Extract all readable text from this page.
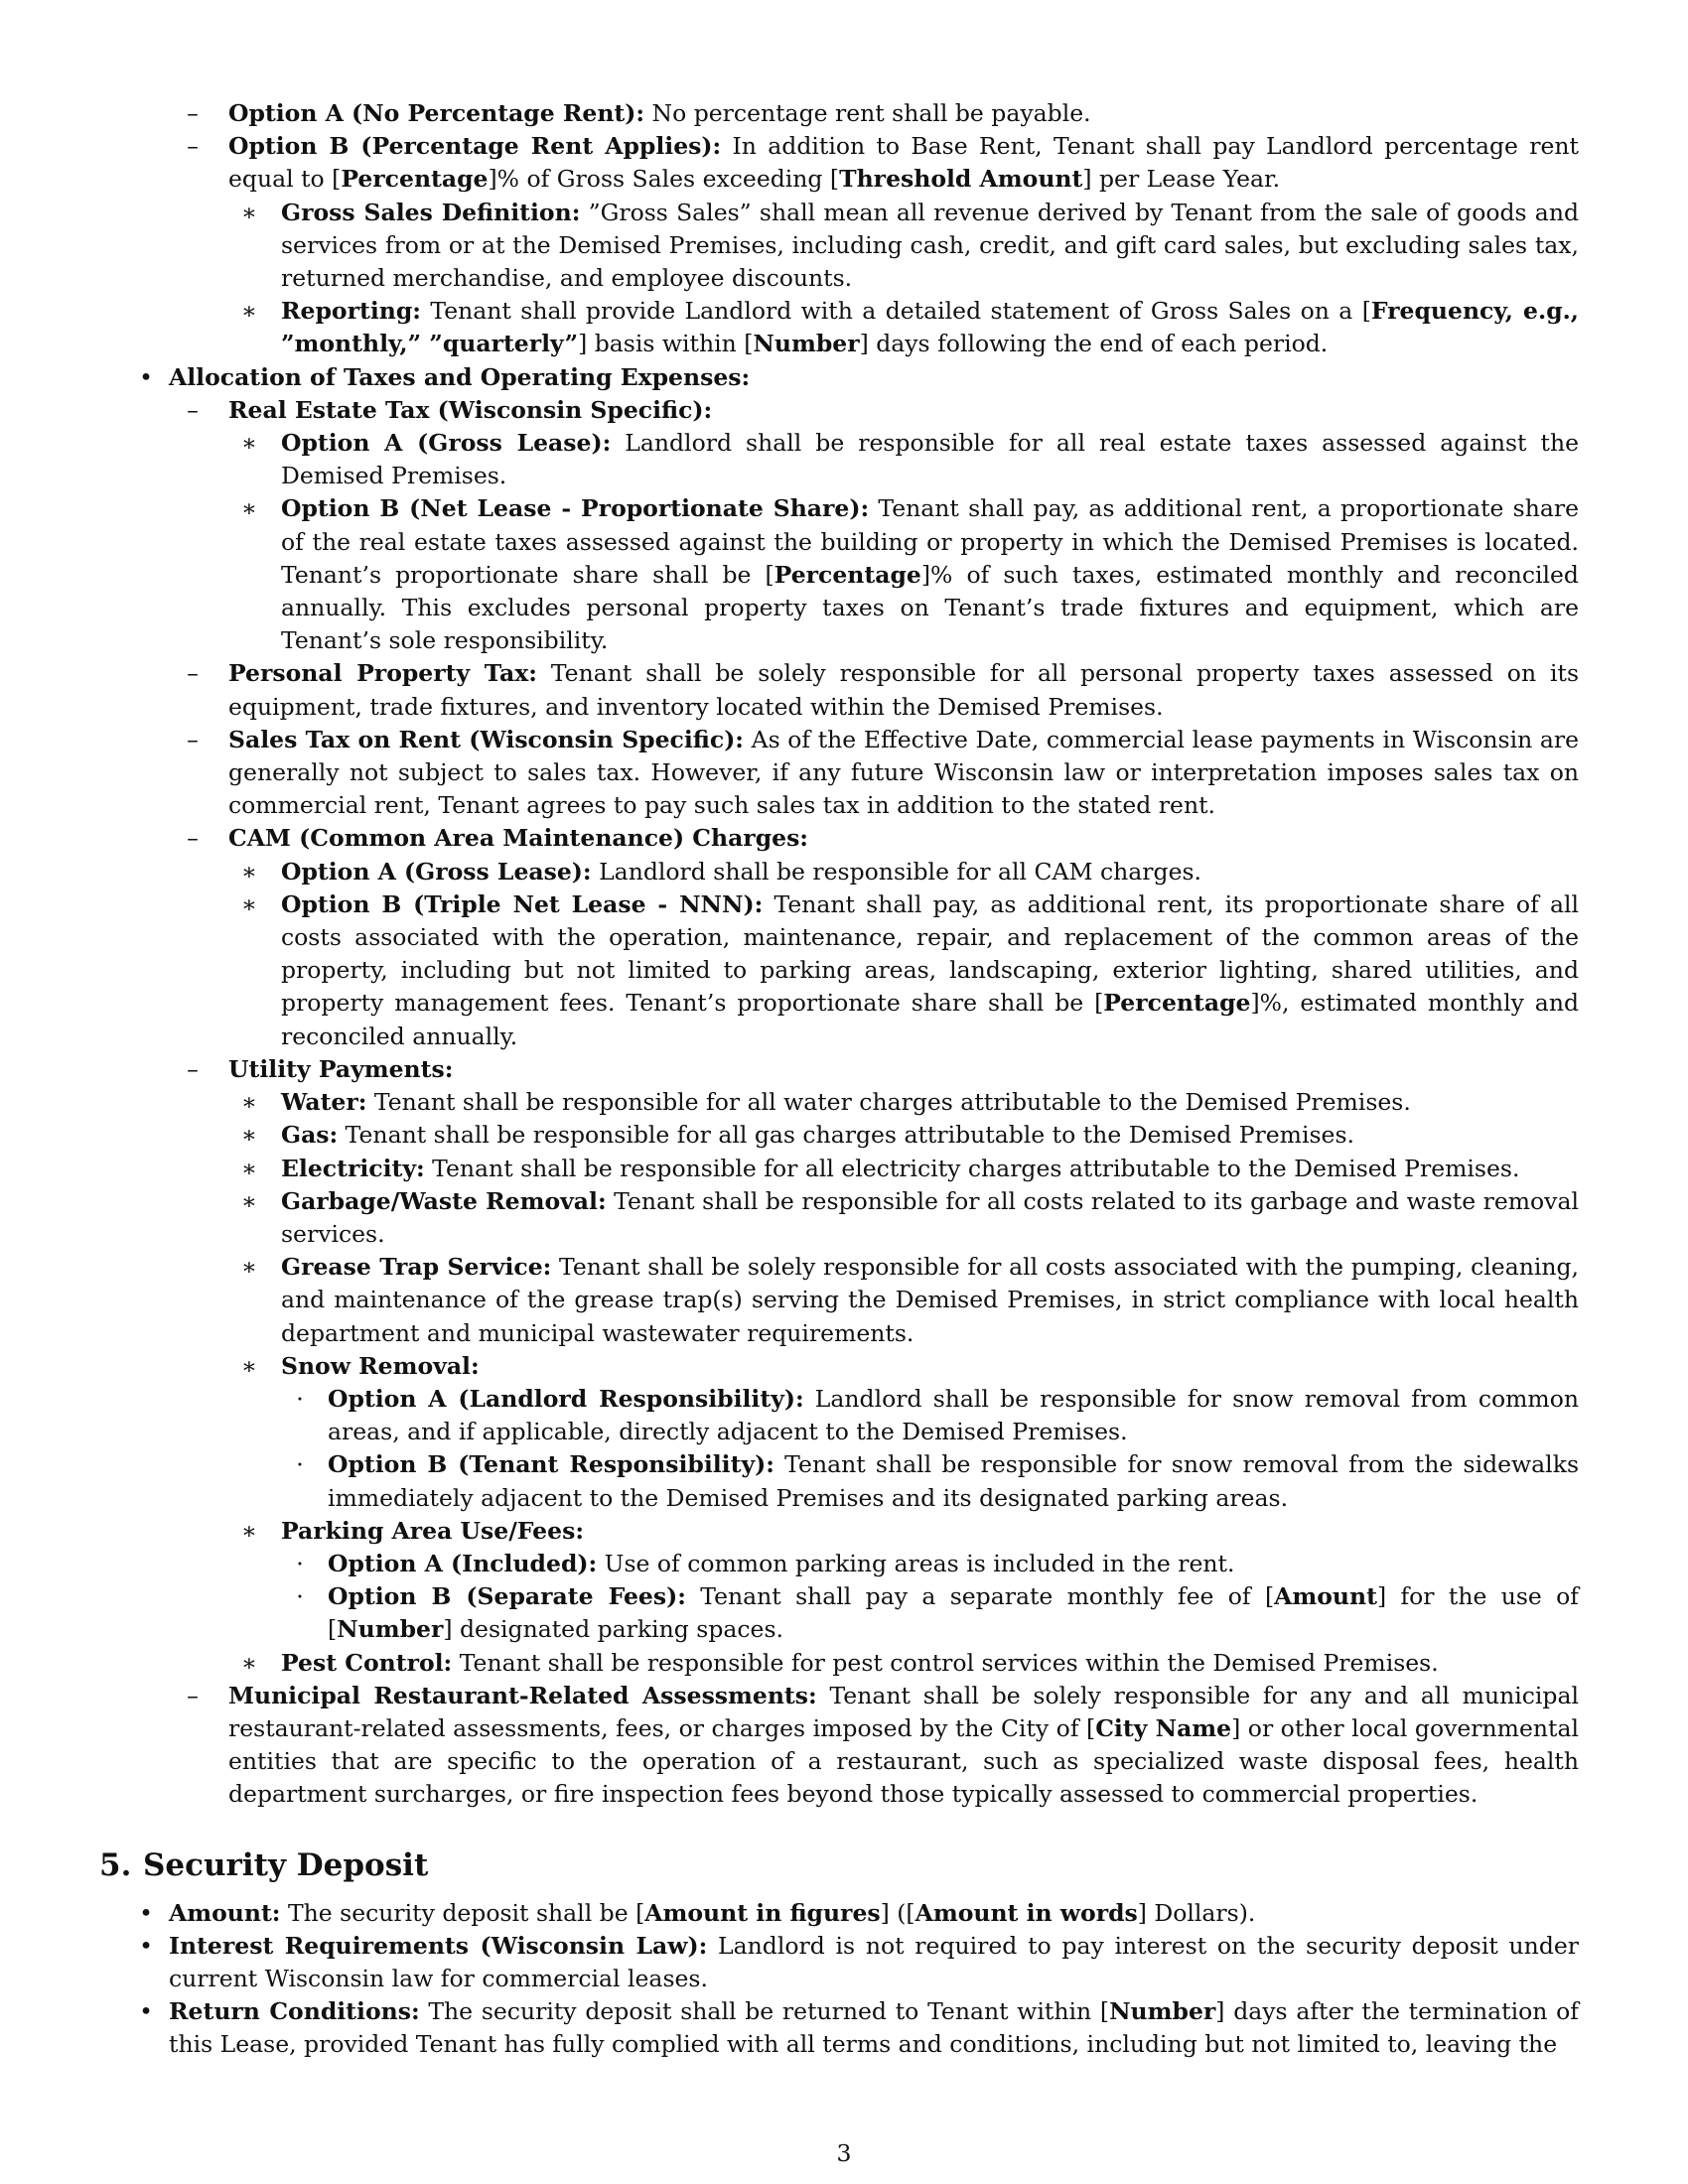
–	Option A (No Percentage Rent): No percentage rent shall be payable.
–	Option B (Percentage Rent Applies): In addition to Base Rent, Tenant shall pay Landlord percentage rent equal to [Percentage]% of Gross Sales exceeding [Threshold Amount] per Lease Year.
∗	Gross Sales Definition: ”Gross Sales” shall mean all revenue derived by Tenant from the sale of goods and services from or at the Demised Premises, including cash, credit, and gift card sales, but excluding sales tax, returned merchandise, and employee discounts.
∗	Reporting: Tenant shall provide Landlord with a detailed statement of Gross Sales on a [Frequency, e.g., ”monthly,” ”quarterly”] basis within [Number] days following the end of each period.
• Allocation of Taxes and Operating Expenses:
–	Real Estate Tax (Wisconsin Specific):
∗	Option A (Gross Lease): Landlord shall be responsible for all real estate taxes assessed against the Demised Premises.
∗	Option B (Net Lease - Proportionate Share): Tenant shall pay, as additional rent, a proportionate share of the real estate taxes assessed against the building or property in which the Demised Premises is located. Tenant’s proportionate share shall be [Percentage]% of such taxes, estimated monthly and reconciled annually. This excludes personal property taxes on Tenant’s trade fixtures and equipment, which are Tenant’s sole responsibility.
–	Personal Property Tax: Tenant shall be solely responsible for all personal property taxes assessed on its equipment, trade fixtures, and inventory located within the Demised Premises.
–	Sales Tax on Rent (Wisconsin Specific): As of the Effective Date, commercial lease payments in Wisconsin are generally not subject to sales tax. However, if any future Wisconsin law or interpretation imposes sales tax on commercial rent, Tenant agrees to pay such sales tax in addition to the stated rent.
–	CAM (Common Area Maintenance) Charges:
∗	Option A (Gross Lease): Landlord shall be responsible for all CAM charges.
∗	Option B (Triple Net Lease - NNN): Tenant shall pay, as additional rent, its proportionate share of all costs associated with the operation, maintenance, repair, and replacement of the common areas of the property, including but not limited to parking areas, landscaping, exterior lighting, shared utilities, and property management fees. Tenant’s proportionate share shall be [Percentage]%, estimated monthly and reconciled annually.
–	Utility Payments:
∗	Water: Tenant shall be responsible for all water charges attributable to the Demised Premises.
∗	Gas: Tenant shall be responsible for all gas charges attributable to the Demised Premises.
∗	Electricity: Tenant shall be responsible for all electricity charges attributable to the Demised Premises.
∗	Garbage/Waste Removal: Tenant shall be responsible for all costs related to its garbage and waste removal services.
∗	Grease Trap Service: Tenant shall be solely responsible for all costs associated with the pumping, cleaning, and maintenance of the grease trap(s) serving the Demised Premises, in strict compliance with local health department and municipal wastewater requirements.
∗	Snow Removal:
·	Option A (Landlord Responsibility): Landlord shall be responsible for snow removal from common areas, and if applicable, directly adjacent to the Demised Premises.
·	Option B (Tenant Responsibility): Tenant shall be responsible for snow removal from the sidewalks immediately adjacent to the Demised Premises and its designated parking areas.
∗	Parking Area Use/Fees:
·	Option A (Included): Use of common parking areas is included in the rent.
·	Option B (Separate Fees): Tenant shall pay a separate monthly fee of [Amount] for the use of [Number] designated parking spaces.
∗	Pest Control: Tenant shall be responsible for pest control services within the Demised Premises.
–	Municipal Restaurant-Related Assessments: Tenant shall be solely responsible for any and all municipal restaurant-related assessments, fees, or charges imposed by the City of [City Name] or other local governmental entities that are specific to the operation of a restaurant, such as specialized waste disposal fees, health department surcharges, or fire inspection fees beyond those typically assessed to commercial properties.
5. Security Deposit
• Amount: The security deposit shall be [Amount in figures] ([Amount in words] Dollars).
• Interest Requirements (Wisconsin Law): Landlord is not required to pay interest on the security deposit under current Wisconsin law for commercial leases.
• Return Conditions: The security deposit shall be returned to Tenant within [Number] days after the termination of this Lease, provided Tenant has fully complied with all terms and conditions, including but not limited to, leaving the
3
